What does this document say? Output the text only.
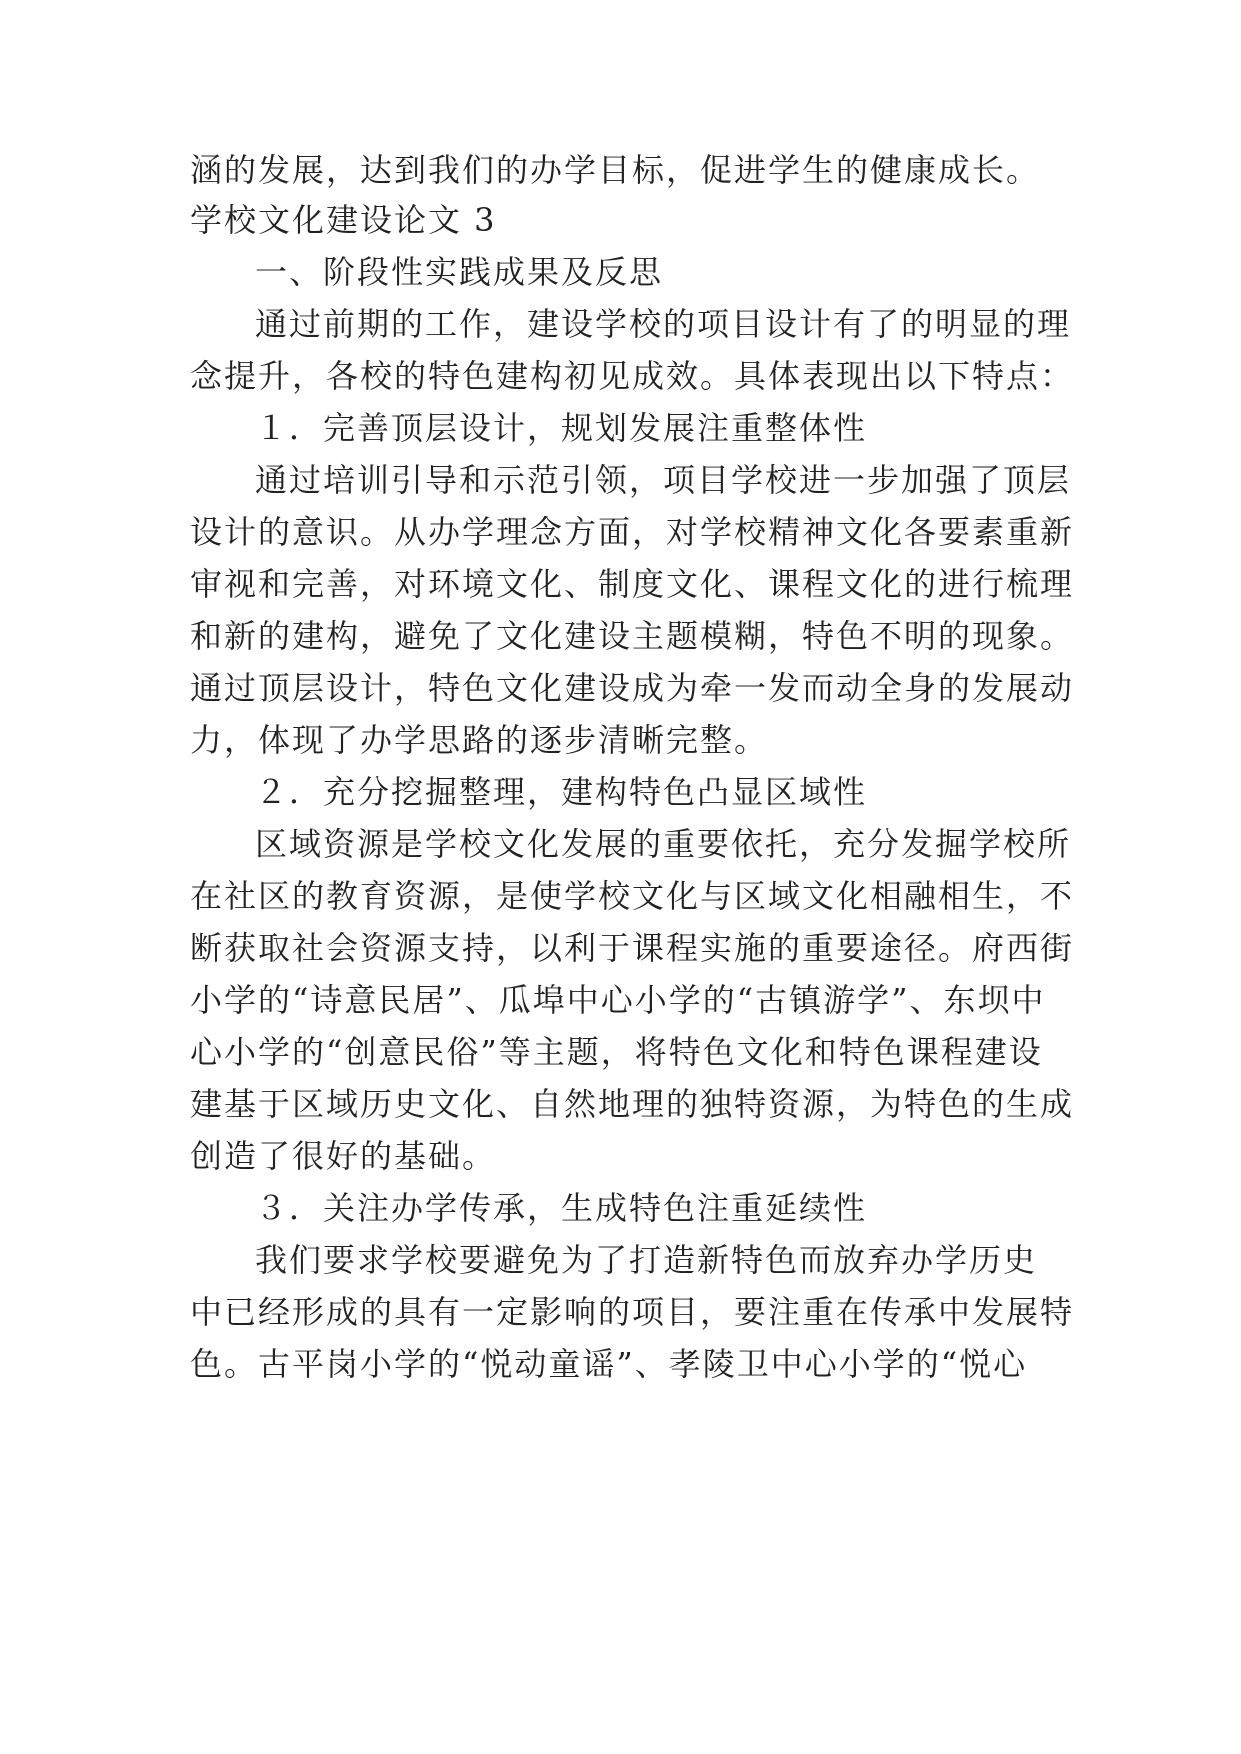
涵的发展，达到我们的办学目标，促进学生的健康成长。
学校文化建设论文 3
一、阶段性实践成果及反思
通过前期的工作，建设学校的项目设计有了的明显的理
念提升，各校的特色建构初见成效。具体表现出以下特点：
１．完善顶层设计，规划发展注重整体性
通过培训引导和示范引领，项目学校进一步加强了顶层
设计的意识。从办学理念方面，对学校精神文化各要素重新
审视和完善，对环境文化、制度文化、课程文化的进行梳理
和新的建构，避免了文化建设主题模糊，特色不明的现象。
通过顶层设计，特色文化建设成为牵一发而动全身的发展动
力，体现了办学思路的逐步清晰完整。
２．充分挖掘整理，建构特色凸显区域性
区域资源是学校文化发展的重要依托，充分发掘学校所
在社区的教育资源，是使学校文化与区域文化相融相生，不
断获取社会资源支持，以利于课程实施的重要途径。府西街
小学的“诗意民居”、瓜埠中心小学的“古镇游学”、东坝中
心小学的“创意民俗”等主题，将特色文化和特色课程建设
建基于区域历史文化、自然地理的独特资源，为特色的生成
创造了很好的基础。
３．关注办学传承，生成特色注重延续性
我们要求学校要避免为了打造新特色而放弃办学历史
中已经形成的具有一定影响的项目，要注重在传承中发展特
色。古平岗小学的“悦动童谣”、孝陵卫中心小学的“悦心
